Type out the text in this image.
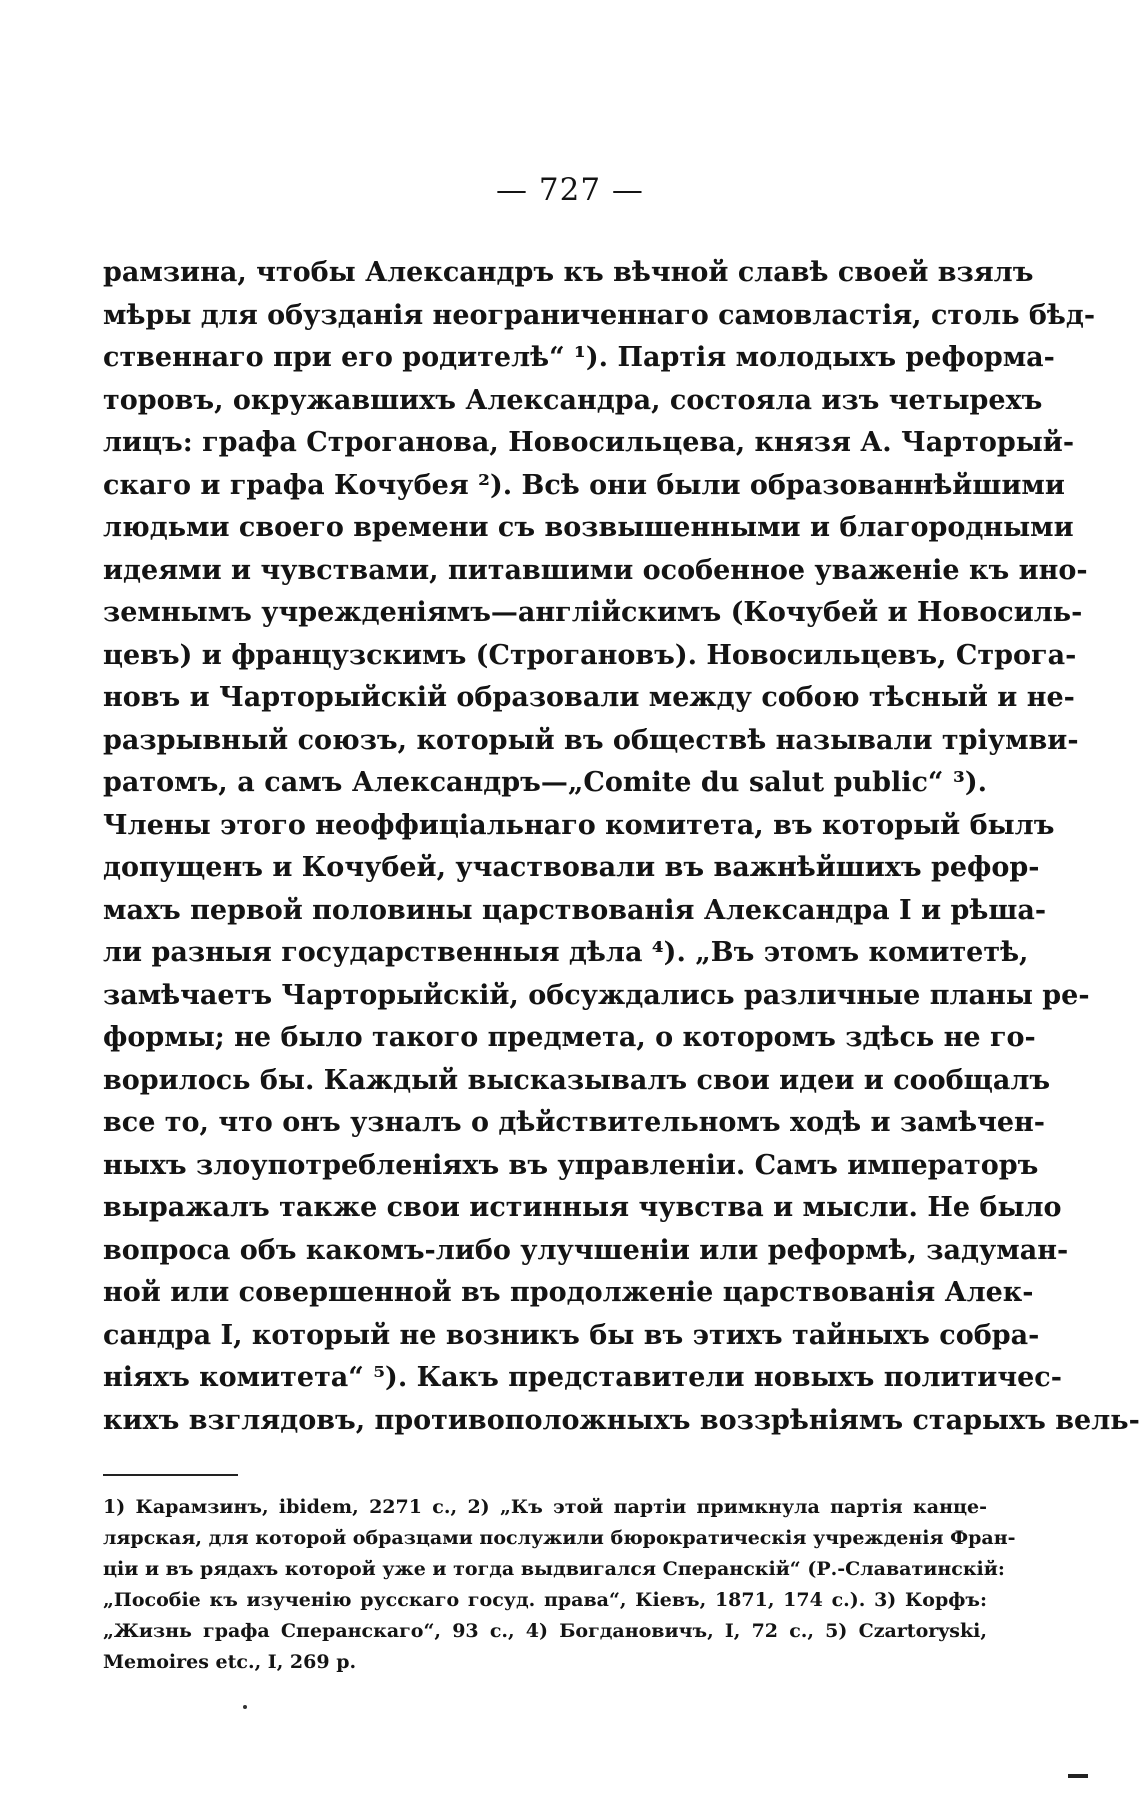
— 727 —
рамзина, чтобы Александръ къ вѣчной славѣ своей взялъ
мѣры для обузданія неограниченнаго самовластія, столь бѣд-
ственнаго при его родителѣ“ ¹). Партія молодыхъ реформа-
торовъ, окружавшихъ Александра, состояла изъ четырехъ
лицъ: графа Строганова, Новосильцева, князя А. Чарторый-
скаго и графа Кочубея ²). Всѣ они были образованнѣйшими
людьми своего времени съ возвышенными и благородными
идеями и чувствами, питавшими особенное уваженіе къ ино-
земнымъ учрежденіямъ—англійскимъ (Кочубей и Новосиль-
цевъ) и французскимъ (Строгановъ). Новосильцевъ, Строга-
новъ и Чарторыйскій образовали между собою тѣсный и не-
разрывный союзъ, который въ обществѣ называли тріумви-
ратомъ, а самъ Александръ—„Comite du salut public“ ³).
Члены этого неоффиціальнаго комитета, въ который былъ
допущенъ и Кочубей, участвовали въ важнѣйшихъ рефор-
махъ первой половины царствованія Александра I и рѣша-
ли разныя государственныя дѣла ⁴). „Въ этомъ комитетѣ,
замѣчаетъ Чарторыйскій, обсуждались различные планы ре-
формы; не было такого предмета, о которомъ здѣсь не го-
ворилось бы. Каждый высказывалъ свои идеи и сообщалъ
все то, что онъ узналъ о дѣйствительномъ ходѣ и замѣчен-
ныхъ злоупотребленіяхъ въ управленіи. Самъ императоръ
выражалъ также свои истинныя чувства и мысли. Не было
вопроса объ какомъ-либо улучшеніи или реформѣ, задуман-
ной или совершенной въ продолженіе царствованія Алек-
сандра I, который не возникъ бы въ этихъ тайныхъ собра-
ніяхъ комитета“ ⁵). Какъ представители новыхъ политичес-
кихъ взглядовъ, противоположныхъ воззрѣніямъ старыхъ вель-
1) Карамзинъ, ibidem, 2271 с., 2) „Къ этой партіи примкнула партія канце-
лярская, для которой образцами послужили бюрократическія учрежденія Фран-
ціи и въ рядахъ которой уже и тогда выдвигался Сперанскій“ (Р.-Славатинскій:
„Пособіе къ изученію русскаго госуд. права“, Кіевъ, 1871, 174 с.). 3) Корфъ:
„Жизнь графа Сперанскаго“, 93 с., 4) Богдановичъ, I, 72 с., 5) Czartoryski,
Memoires etc., I, 269 p.
